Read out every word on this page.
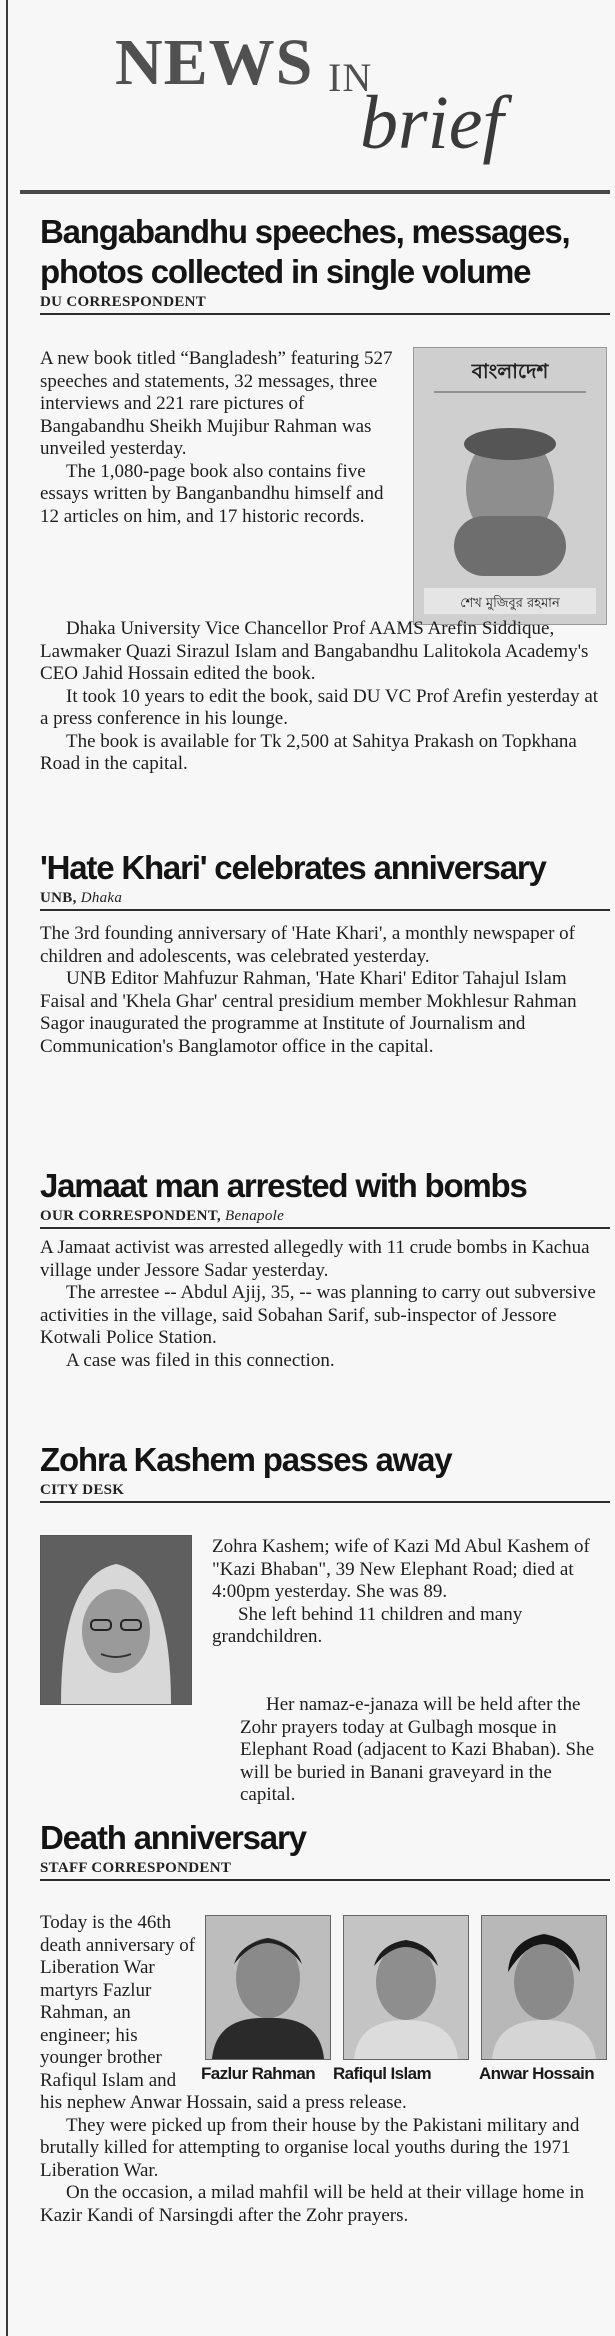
NEWS IN
brief
Bangabandhu speeches, messages,
photos collected in single volume
DU CORRESPONDENT

A new book titled “Bangladesh” featuring 527 speeches and statements, 32 messages, three interviews and 221 rare pictures of Bangabandhu Sheikh Mujibur Rahman was unveiled yesterday.

The 1,080-page book also contains five essays written by Banganbandhu himself and 12 articles on him, and 17 historic records.

বাংলাদেশ
শেখ মুজিবুর রহমান

Dhaka University Vice Chancellor Prof AAMS Arefin Siddique, Lawmaker Quazi Sirazul Islam and Bangabandhu Lalitokola Academy's CEO Jahid Hossain edited the book.

It took 10 years to edit the book, said DU VC Prof Arefin yesterday at a press conference in his lounge.

The book is available for Tk 2,500 at Sahitya Prakash on Topkhana Road in the capital.

'Hate Khari' celebrates anniversary
UNB, Dhaka

The 3rd founding anniversary of 'Hate Khari', a monthly newspaper of children and adolescents, was celebrated yesterday.

UNB Editor Mahfuzur Rahman, 'Hate Khari' Editor Tahajul Islam Faisal and 'Khela Ghar' central presidium member Mokhlesur Rahman Sagor inaugurated the programme at Institute of Journalism and Communication's Banglamotor office in the capital.

Jamaat man arrested with bombs
OUR CORRESPONDENT, Benapole

A Jamaat activist was arrested allegedly with 11 crude bombs in Kachua village under Jessore Sadar yesterday.

The arrestee -- Abdul Ajij, 35, -- was planning to carry out subversive activities in the village, said Sobahan Sarif, sub-inspector of Jessore Kotwali Police Station.

A case was filed in this connection.

Zohra Kashem passes away
CITY DESK

Zohra Kashem; wife of Kazi Md Abul Kashem of "Kazi Bhaban", 39 New Elephant Road; died at 4:00pm yesterday. She was 89.

She left behind 11 children and many grandchildren.

Her namaz-e-janaza will be held after the Zohr prayers today at Gulbagh mosque in Elephant Road (adjacent to Kazi Bhaban). She will be buried in Banani graveyard in the capital.

Death anniversary
STAFF CORRESPONDENT
Fazlur Rahman Rafiqul Islam	Anwar Hossain

Today is the 46th death anniversary of Liberation War martyrs Fazlur Rahman, an engineer; his younger brother Rafiqul Islam and his nephew Anwar Hossain, said a press release.

They were picked up from their house by the Pakistani military and brutally killed for attempting to organise local youths during the 1971 Liberation War.

On the occasion, a milad mahfil will be held at their village home in Kazir Kandi of Narsingdi after the Zohr prayers.
